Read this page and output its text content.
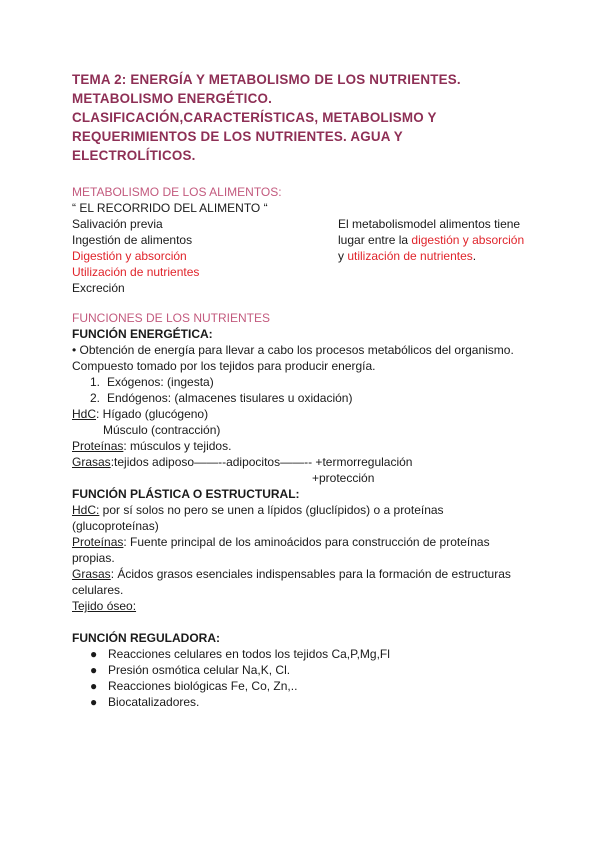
TEMA 2: ENERGÍA Y METABOLISMO DE LOS NUTRIENTES.
METABOLISMO ENERGÉTICO.
CLASIFICACIÓN,CARACTERÍSTICAS, METABOLISMO Y
REQUERIMIENTOS DE LOS NUTRIENTES. AGUA Y
ELECTROLÍTICOS.
METABOLISMO DE LOS ALIMENTOS:
“ EL RECORRIDO DEL ALIMENTO “
Salivación previa
Ingestión de alimentos
Digestión y absorción
Utilización de nutrientes
Excreción
El metabolismodel alimentos tiene
lugar entre la digestión y absorción
y utilización de nutrientes.
FUNCIONES DE LOS NUTRIENTES
FUNCIÓN ENERGÉTICA:
• Obtención de energía para llevar a cabo los procesos metabólicos del organismo.
Compuesto tomado por los tejidos para producir energía.
1. Exógenos: (ingesta)
2. Endógenos: (almacenes tisulares u oxidación)
HdC: Hígado (glucógeno)
Músculo (contracción)
Proteínas: músculos y tejidos.
Grasas:tejidos adiposo——--adipocitos——-- +termorregulación
+protección
FUNCIÓN PLÁSTICA O ESTRUCTURAL:
HdC: por sí solos no pero se unen a lípidos (gluclípidos) o a proteínas
(glucoproteínas)
Proteínas: Fuente principal de los aminoácidos para construcción de proteínas
propias.
Grasas: Ácidos grasos esenciales indispensables para la formación de estructuras
celulares.
Tejido óseo:
FUNCIÓN REGULADORA:
● Reacciones celulares en todos los tejidos Ca,P,Mg,Fl
● Presión osmótica celular Na,K, Cl.
● Reacciones biológicas Fe, Co, Zn,..
● Biocatalizadores.
